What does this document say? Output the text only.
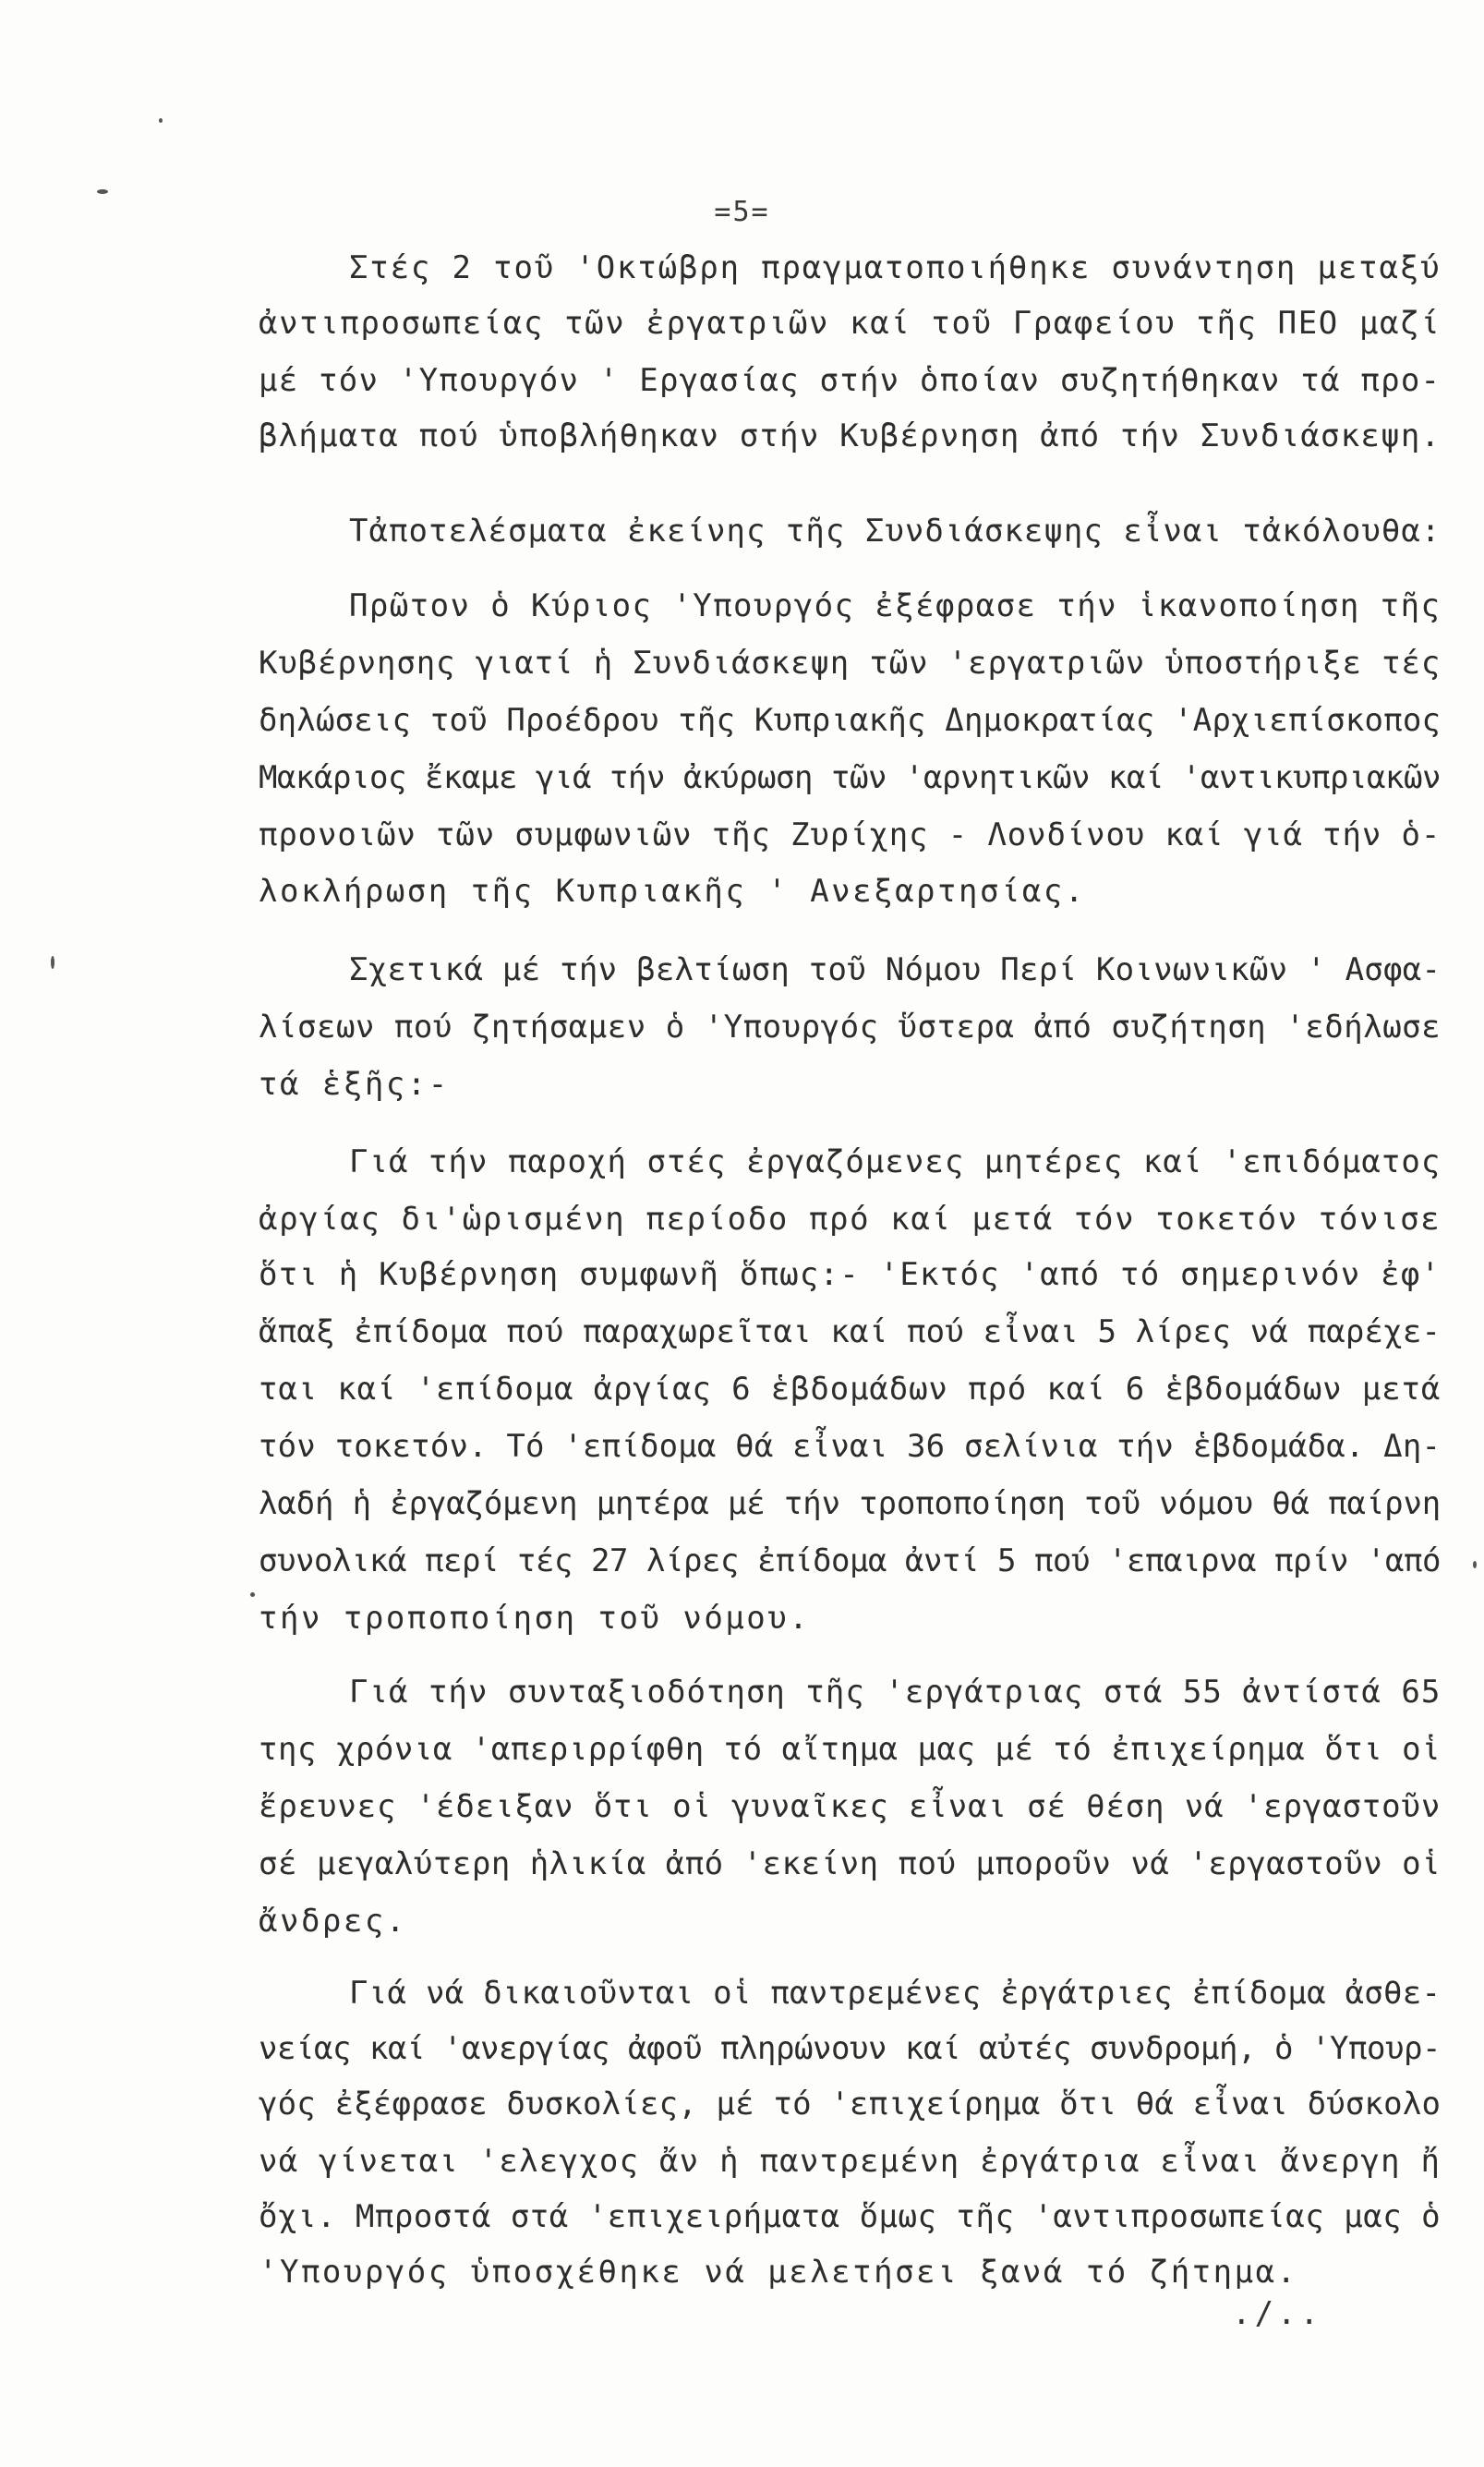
=5=
Στές 2 τοῦ 'Οκτώβρη πραγματοποιήθηκε συνάντηση μεταξύ
ἀντιπροσωπείας τῶν ἐργατριῶν καί τοῦ Γραφείου τῆς ΠΕΟ μαζί
μέ τόν 'Υπουργόν ' Εργασίας στήν ὁποίαν συζητήθηκαν τά προ-
βλήματα πού ὑποβλήθηκαν στήν Κυβέρνηση ἀπό τήν Συνδιάσκεψη.
Τἀποτελέσματα ἐκείνης τῆς Συνδιάσκεψης εἶναι τἀκόλουθα:
Πρῶτον ὁ Κύριος 'Υπουργός ἐξέφρασε τήν ἱκανοποίηση τῆς
Κυβέρνησης γιατί ἡ Συνδιάσκεψη τῶν 'εργατριῶν ὑποστήριξε τές
δηλώσεις τοῦ Προέδρου τῆς Κυπριακῆς Δημοκρατίας 'Αρχιεπίσκοπος
Μακάριος ἔκαμε γιά τήν ἀκύρωση τῶν 'αρνητικῶν καί 'αντικυπριακῶν
προνοιῶν τῶν συμφωνιῶν τῆς Ζυρίχης - Λονδίνου καί γιά τήν ὁ-
λοκλήρωση τῆς Κυπριακῆς ' Ανεξαρτησίας.
Σχετικά μέ τήν βελτίωση τοῦ Νόμου Περί Κοινωνικῶν ' Ασφα-
λίσεων πού ζητήσαμεν ὁ 'Υπουργός ὕστερα ἀπό συζήτηση 'εδήλωσε
τά ἑξῆς:-
Γιά τήν παροχή στές ἐργαζόμενες μητέρες καί 'επιδόματος
ἀργίας δι'ὡρισμένη περίοδο πρό καί μετά τόν τοκετόν τόνισε
ὅτι ἡ Κυβέρνηση συμφωνῆ ὅπως:- 'Εκτός 'από τό σημερινόν ἐφ'
ἅπαξ ἐπίδομα πού παραχωρεῖται καί πού εἶναι 5 λίρες νά παρέχε-
ται καί 'επίδομα ἀργίας 6 ἑβδομάδων πρό καί 6 ἑβδομάδων μετά
τόν τοκετόν. Τό 'επίδομα θά εἶναι 36 σελίνια τήν ἑβδομάδα. Δη-
λαδή ἡ ἐργαζόμενη μητέρα μέ τήν τροποποίηση τοῦ νόμου θά παίρνη
συνολικά περί τές 27 λίρες ἐπίδομα ἀντί 5 πού 'επαιρνα πρίν 'από
τήν τροποποίηση τοῦ νόμου.
Γιά τήν συνταξιοδότηση τῆς 'εργάτριας στά 55 ἀντίστά 65
της χρόνια 'απεριρρίφθη τό αἴτημα μας μέ τό ἐπιχείρημα ὅτι οἱ
ἔρευνες 'έδειξαν ὅτι οἱ γυναῖκες εἶναι σέ θέση νά 'εργαστοῦν
σέ μεγαλύτερη ἡλικία ἀπό 'εκείνη πού μποροῦν νά 'εργαστοῦν οἱ
ἄνδρες.
Γιά νά δικαιοῦνται οἱ παντρεμένες ἐργάτριες ἐπίδομα ἀσθε-
νείας καί 'ανεργίας ἀφοῦ πληρώνουν καί αὐτές συνδρομή, ὁ 'Υπουρ-
γός ἐξέφρασε δυσκολίες, μέ τό 'επιχείρημα ὅτι θά εἶναι δύσκολο
νά γίνεται 'ελεγχος ἄν ἡ παντρεμένη ἐργάτρια εἶναι ἄνεργη ἤ
ὄχι. Μπροστά στά 'επιχειρήματα ὅμως τῆς 'αντιπροσωπείας μας ὁ
'Υπουργός ὑποσχέθηκε νά μελετήσει ξανά τό ζήτημα.
./..
